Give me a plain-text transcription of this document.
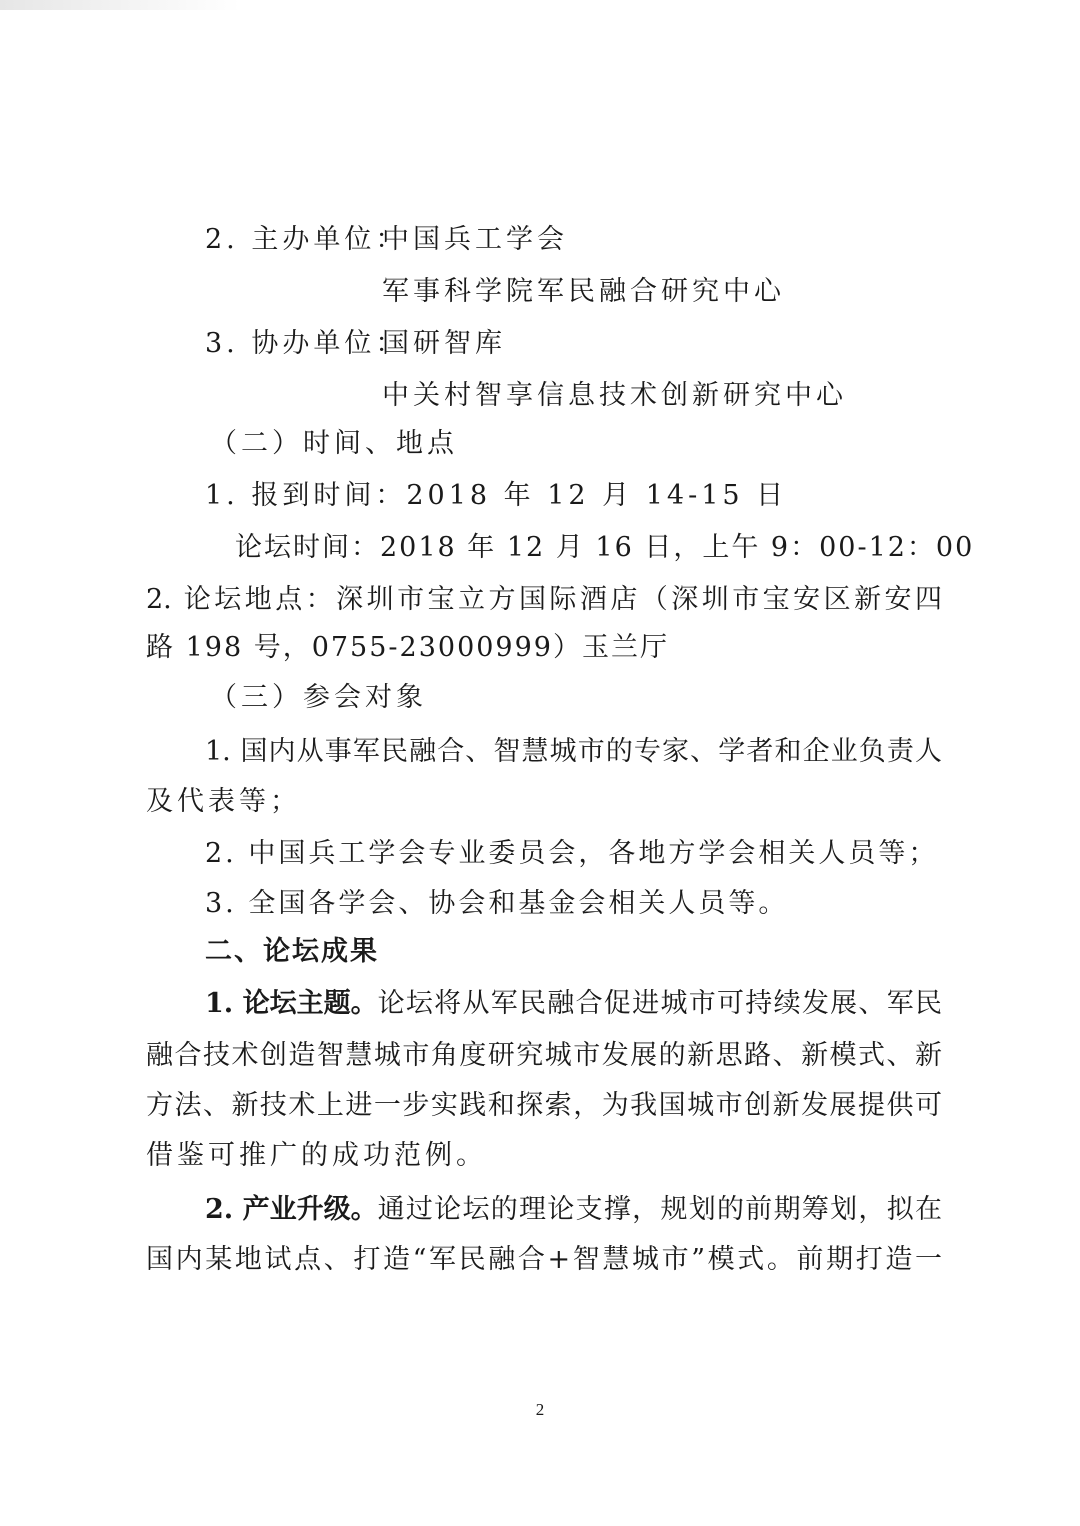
2. 主办单位：
中国兵工学会
军事科学院军民融合研究中心
3. 协办单位：
国研智库
中关村智享信息技术创新研究中心
（二）时间、地点
1. 报到时间：2018 年 12 月 14-15 日
论坛时间：2018 年 12 月 16 日，上午 9：00-12：00
2. 论坛地点：深圳市宝立方国际酒店（深圳市宝安区新安四
路 198 号，0755-23000999）玉兰厅
（三）参会对象
1. 国内从事军民融合、智慧城市的专家、学者和企业负责人
及代表等；
2. 中国兵工学会专业委员会，各地方学会相关人员等；
3. 全国各学会、协会和基金会相关人员等。
二、论坛成果
1. 论坛主题。 论坛将从军民融合促进城市可持续发展、军民
融合技术创造智慧城市角度研究城市发展的新思路、新模式、新
方法、新技术上进一步实践和探索，为我国城市创新发展提供可
借鉴可推广的成功范例。
2. 产业升级。 通过论坛的理论支撑，规划的前期筹划，拟在
国内某地试点、打造“军民融合+智慧城市”模式。前期打造一
2
